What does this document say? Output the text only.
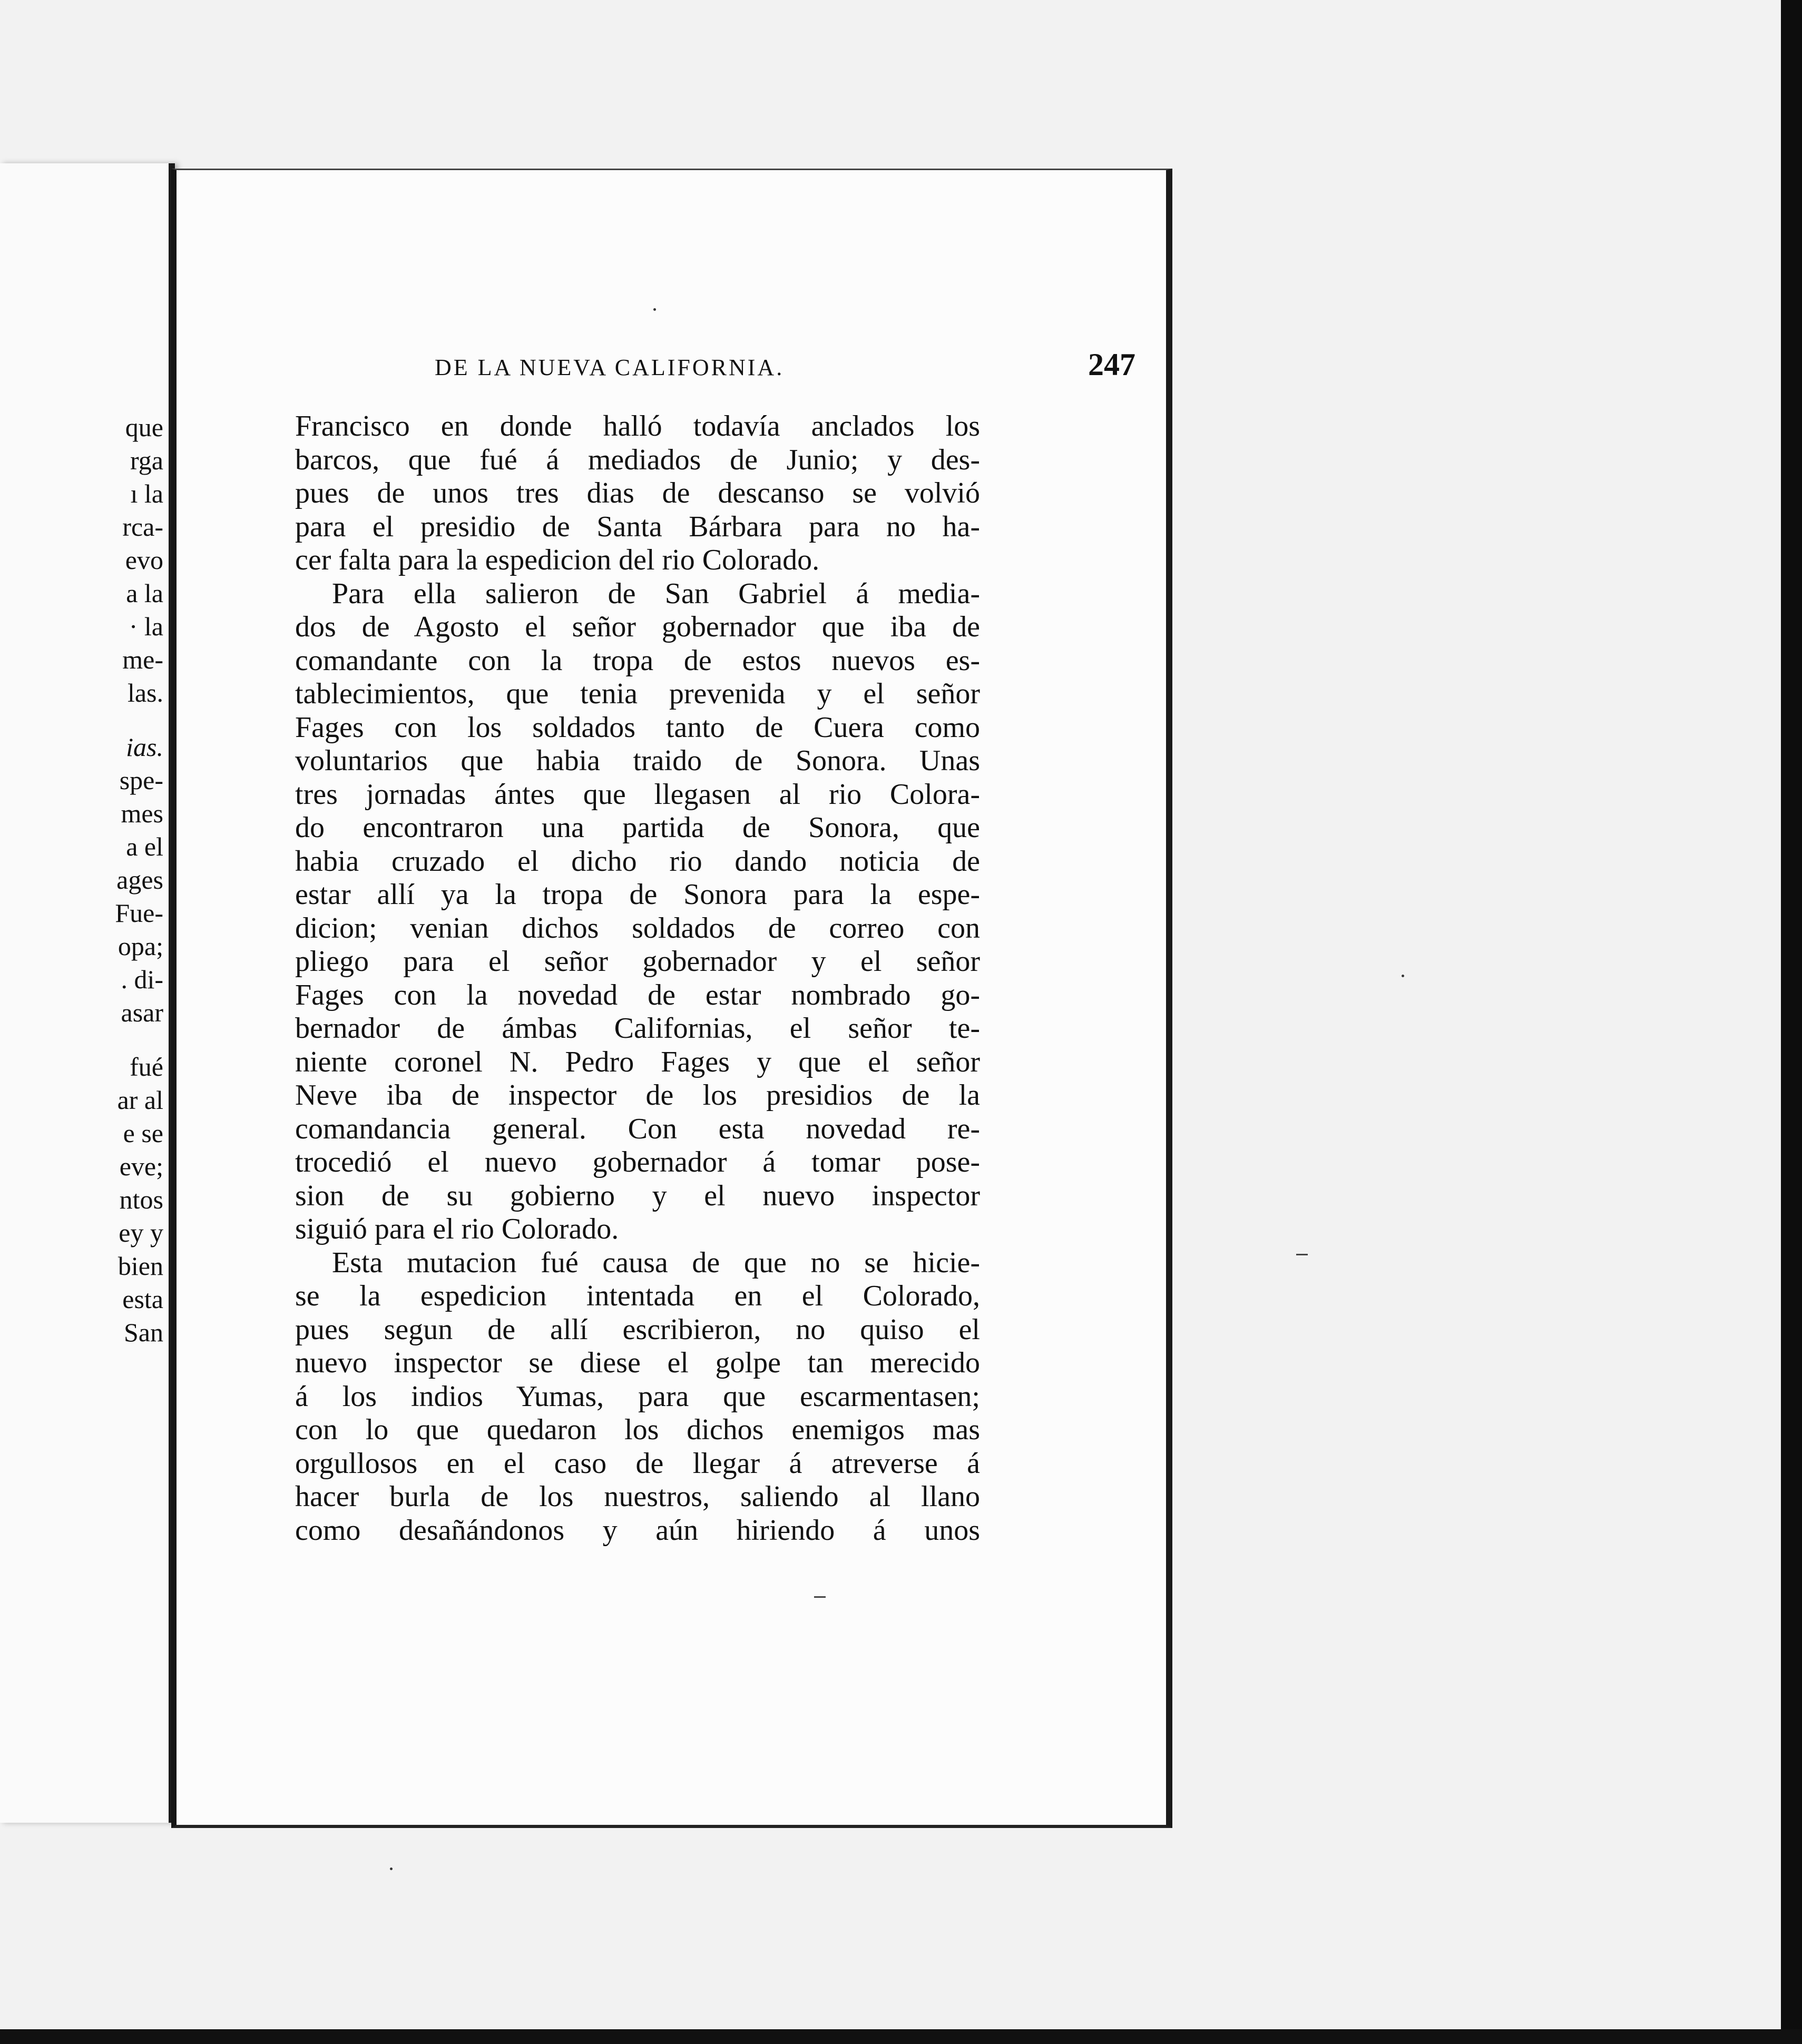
que
rga
ı la
rca-
evo
a la
· la
me-
las.
ias.
spe-
mes
a el
ages
Fue-
opa;
. di-
asar
fué
ar al
e se
eve;
ntos
ey y
bien
esta
San
DE LA NUEVA CALIFORNIA.	247
Francisco en donde halló todavía anclados los
barcos, que fué á mediados de Junio; y des-
pues de unos tres dias de descanso se volvió
para el presidio de Santa Bárbara para no ha-
cer falta para la espedicion del rio Colorado.
Para ella salieron de San Gabriel á media-
dos de Agosto el señor gobernador que iba de
comandante con la tropa de estos nuevos es-
tablecimientos, que tenia prevenida y el señor
Fages con los soldados tanto de Cuera como
voluntarios que habia traido de Sonora. Unas
tres jornadas ántes que llegasen al rio Colora-
do encontraron una partida de Sonora, que
habia cruzado el dicho rio dando noticia de
estar allí ya la tropa de Sonora para la espe-
dicion; venian dichos soldados de correo con
pliego para el señor gobernador y el señor
Fages con la novedad de estar nombrado go-
bernador de ámbas Californias, el señor te-
niente coronel N. Pedro Fages y que el señor
Neve iba de inspector de los presidios de la
comandancia general. Con esta novedad re-
trocedió el nuevo gobernador á tomar pose-
sion de su gobierno y el nuevo inspector
siguió para el rio Colorado.
Esta mutacion fué causa de que no se hicie-
se la espedicion intentada en el Colorado,
pues segun de allí escribieron, no quiso el
nuevo inspector se diese el golpe tan merecido
á los indios Yumas, para que escarmentasen;
con lo que quedaron los dichos enemigos mas
orgullosos en el caso de llegar á atreverse á
hacer burla de los nuestros, saliendo al llano
como desañándonos y aún hiriendo á unos
